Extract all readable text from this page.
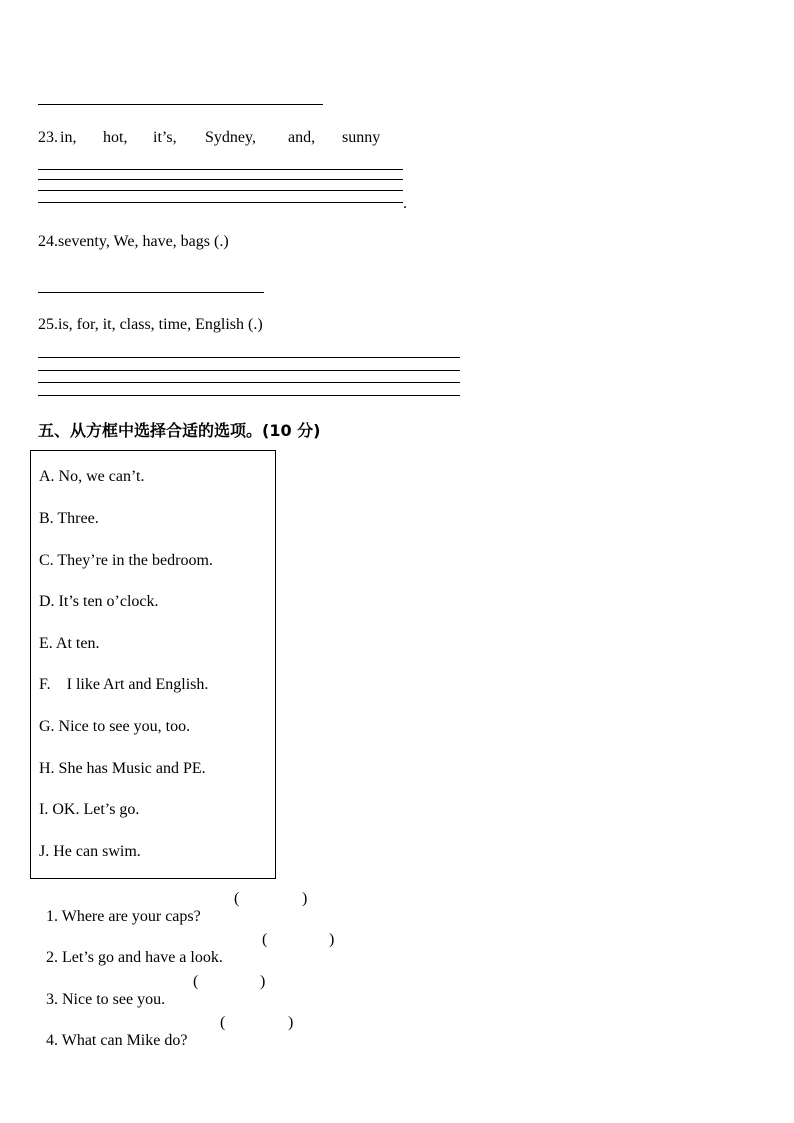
23.

in,

hot,

it’s,

Sydney,

and,

sunny

.
24.seventy, We, have, bags (.)
25.is, for, it, class, time, English (.)
五、从方框中选择合适的选项。(10 分)
A. No, we can’t.
B. Three.
C. They’re in the bedroom.
D. It’s ten o’clock.
E. At ten.
F.    I like Art and English.
G. Nice to see you, too.
H. She has Music and PE.
I. OK. Let’s go.
J. He can swim.

1. Where are your caps?

(	)

2. Let’s go and have a look.

(	)

3. Nice to see you.

(	)

4. What can Mike do?

(	)
